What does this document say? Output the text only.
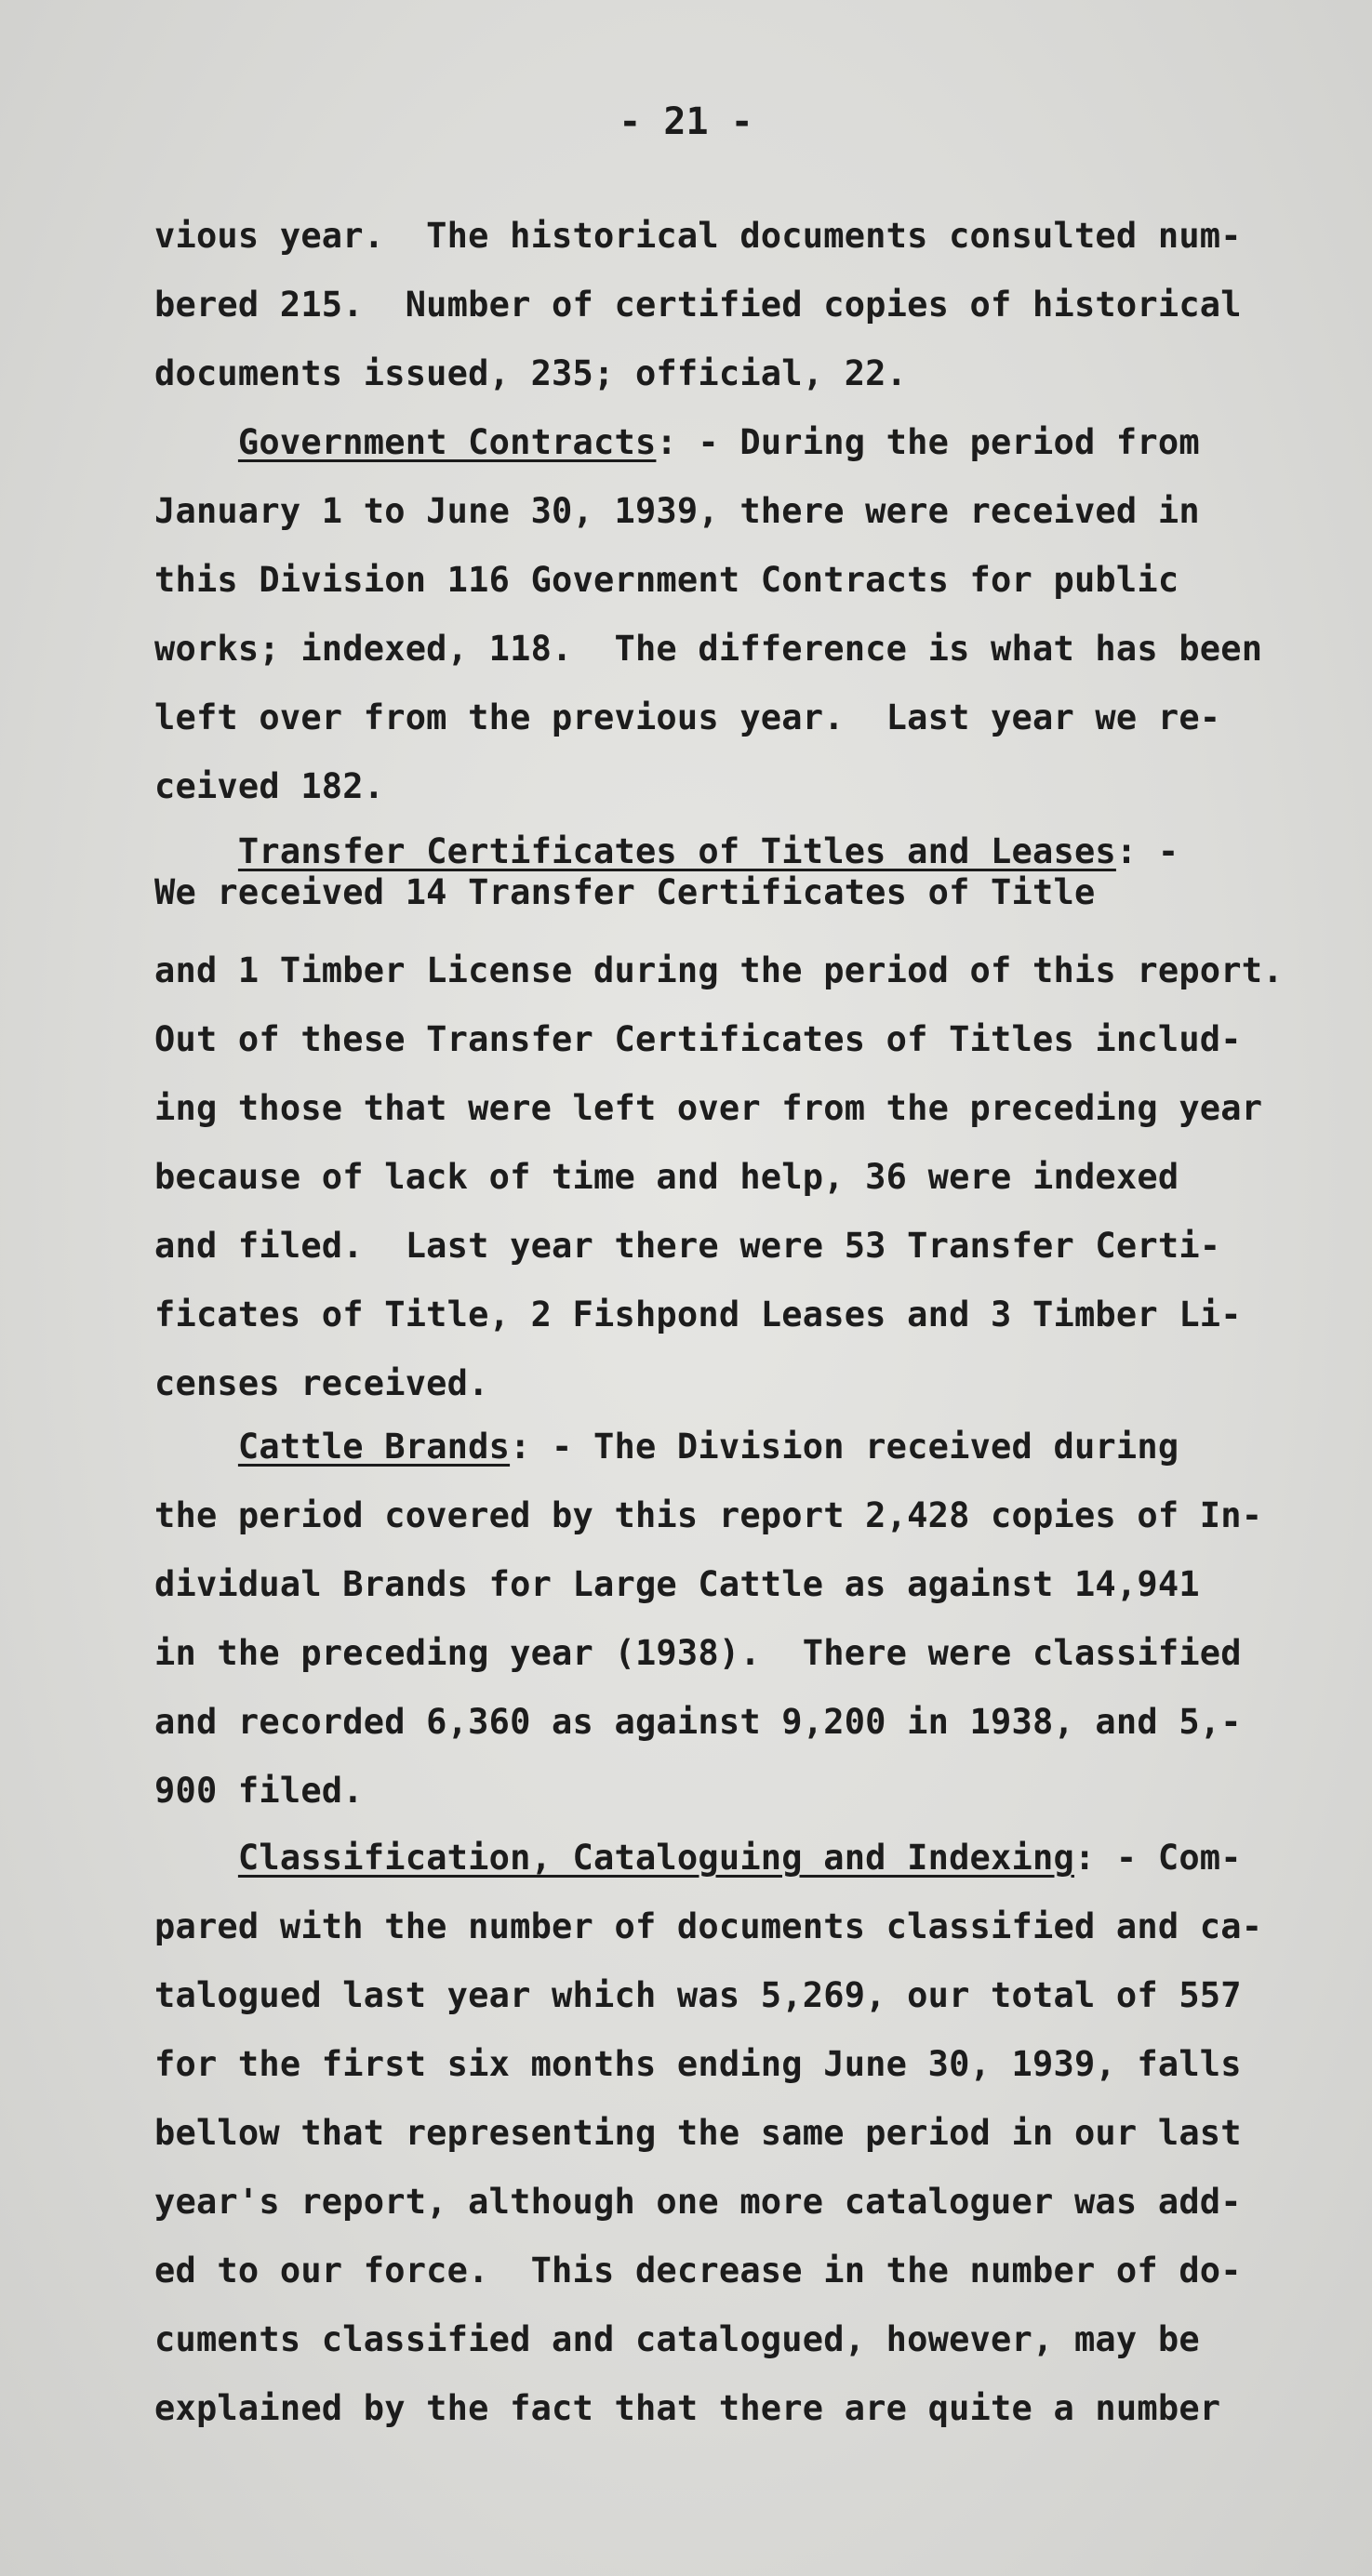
- 21 -
vious year.  The historical documents consulted num-
bered 215.  Number of certified copies of historical
documents issued, 235; official, 22.
Government Contracts: - During the period from
January 1 to June 30, 1939, there were received in
this Division 116 Government Contracts for public
works; indexed, 118.  The difference is what has been
left over from the previous year.  Last year we re-
ceived 182.
Transfer Certificates of Titles and Leases: -
We received 14 Transfer Certificates of Title
and 1 Timber License during the period of this report.
Out of these Transfer Certificates of Titles includ-
ing those that were left over from the preceding year
because of lack of time and help, 36 were indexed
and filed.  Last year there were 53 Transfer Certi-
ficates of Title, 2 Fishpond Leases and 3 Timber Li-
censes received.
Cattle Brands: - The Division received during
the period covered by this report 2,428 copies of In-
dividual Brands for Large Cattle as against 14,941
in the preceding year (1938).  There were classified
and recorded 6,360 as against 9,200 in 1938, and 5,-
900 filed.
Classification, Cataloguing and Indexing: - Com-
pared with the number of documents classified and ca-
talogued last year which was 5,269, our total of 557
for the first six months ending June 30, 1939, falls
bellow that representing the same period in our last
year's report, although one more cataloguer was add-
ed to our force.  This decrease in the number of do-
cuments classified and catalogued, however, may be
explained by the fact that there are quite a number
